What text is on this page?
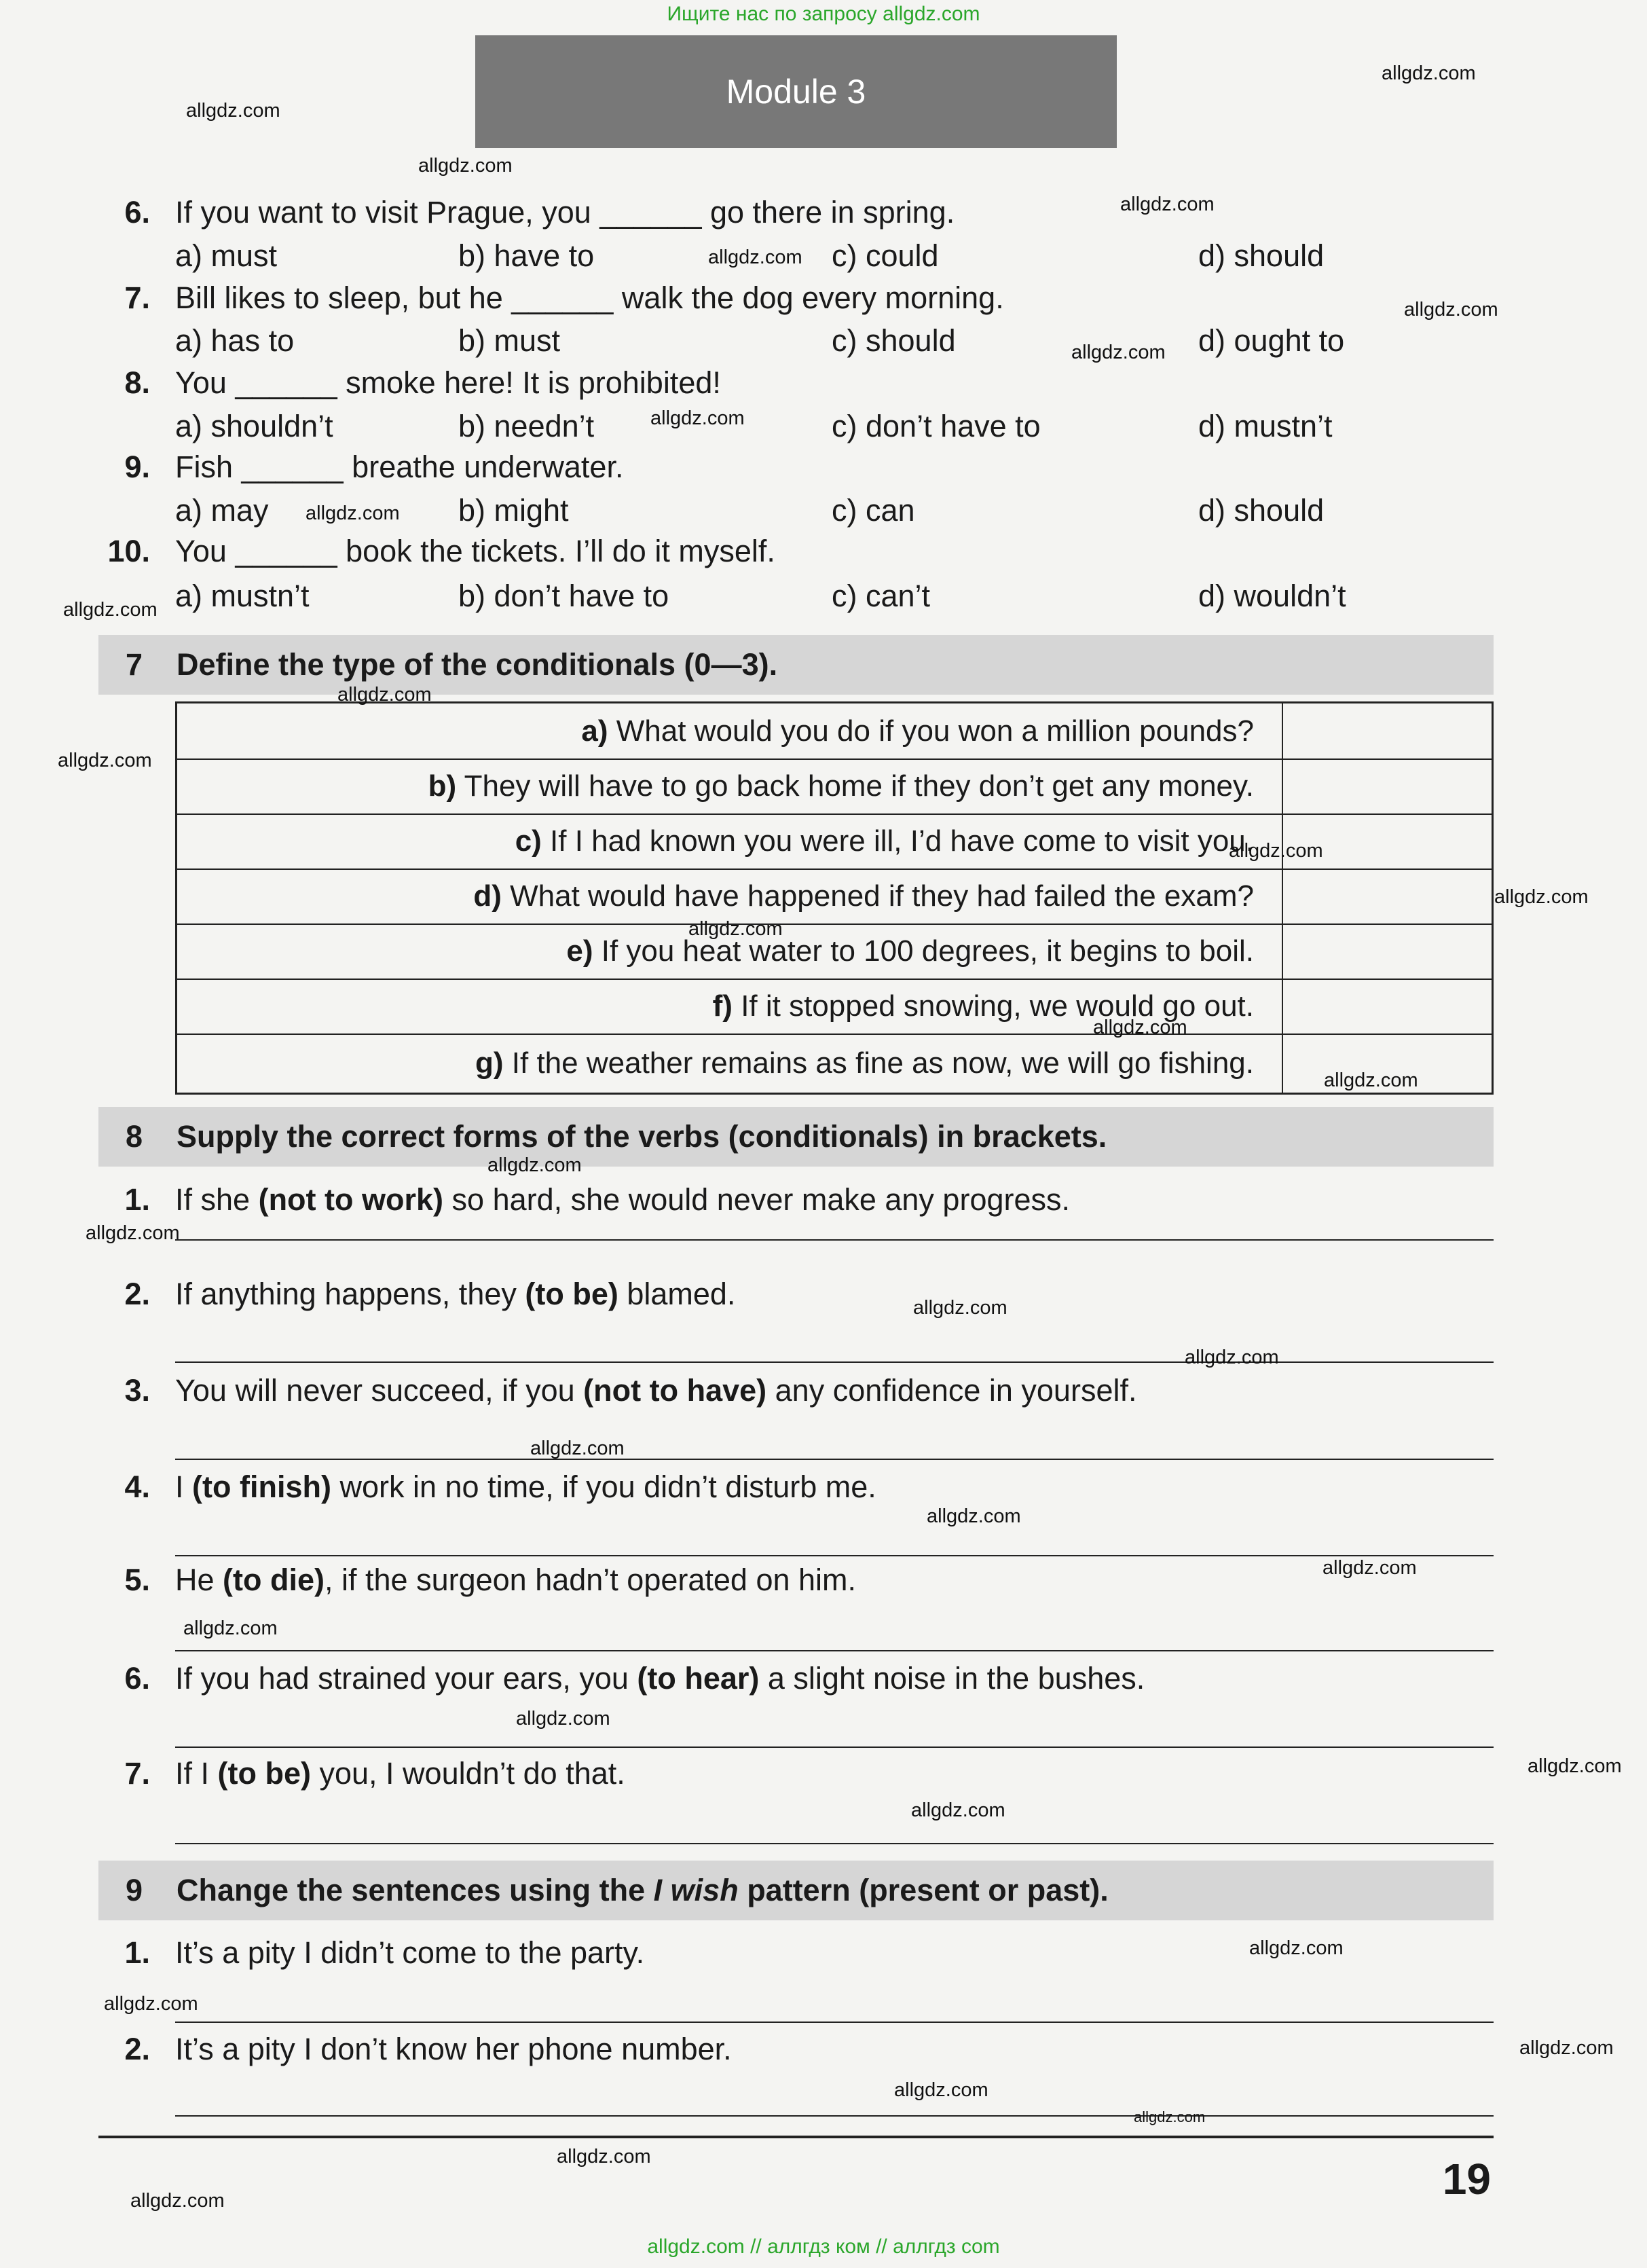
Ищите нас по запросу allgdz.com
Module 3
6. If you want to visit Prague, you ______ go there in spring.
a) must	b) have to	c) could	d) should
7. Bill likes to sleep, but he ______ walk the dog every morning.
a) has to	b) must	c) should	d) ought to
8. You ______ smoke here! It is prohibited!
a) shouldn’t	b) needn’t	c) don’t have to	d) mustn’t
9. Fish ______ breathe underwater.
a) may	b) might	c) can	d) should
10. You ______ book the tickets. I’ll do it myself.
a) mustn’t	b) don’t have to	c) can’t	d) wouldn’t
7 Define the type of the conditionals (0—3).
a) What would you do if you won a million pounds?
b) They will have to go back home if they don’t get any money.
c) If I had known you were ill, I’d have come to visit you.
d) What would have happened if they had failed the exam?
e) If you heat water to 100 degrees, it begins to boil.
f) If it stopped snowing, we would go out.
g) If the weather remains as fine as now, we will go fishing.
8 Supply the correct forms of the verbs (conditionals) in brackets.
1. If she (not to work) so hard, she would never make any progress.
2. If anything happens, they (to be) blamed.
3. You will never succeed, if you (not to have) any confidence in yourself.
4. I (to finish) work in no time, if you didn’t disturb me.
5. He (to die), if the surgeon hadn’t operated on him.
6. If you had strained your ears, you (to hear) a slight noise in the bushes.
7. If I (to be) you, I wouldn’t do that.
9 Change the sentences using the I wish pattern (present or past).
1. It’s a pity I didn’t come to the party.
2. It’s a pity I don’t know her phone number.
19
allgdz.com
allgdz.com
allgdz.com
allgdz.com
allgdz.com
allgdz.com
allgdz.com
allgdz.com
allgdz.com
allgdz.com
allgdz.com
allgdz.com
allgdz.com
allgdz.com
allgdz.com
allgdz.com
allgdz.com
allgdz.com
allgdz.com
allgdz.com
allgdz.com
allgdz.com
allgdz.com
allgdz.com
allgdz.com
allgdz.com
allgdz.com
allgdz.com
allgdz.com
allgdz.com
allgdz.com
allgdz.com
allgdz.com
allgdz.com
allgdz.com
allgdz.com // аллгдз ком // аллгдз com
